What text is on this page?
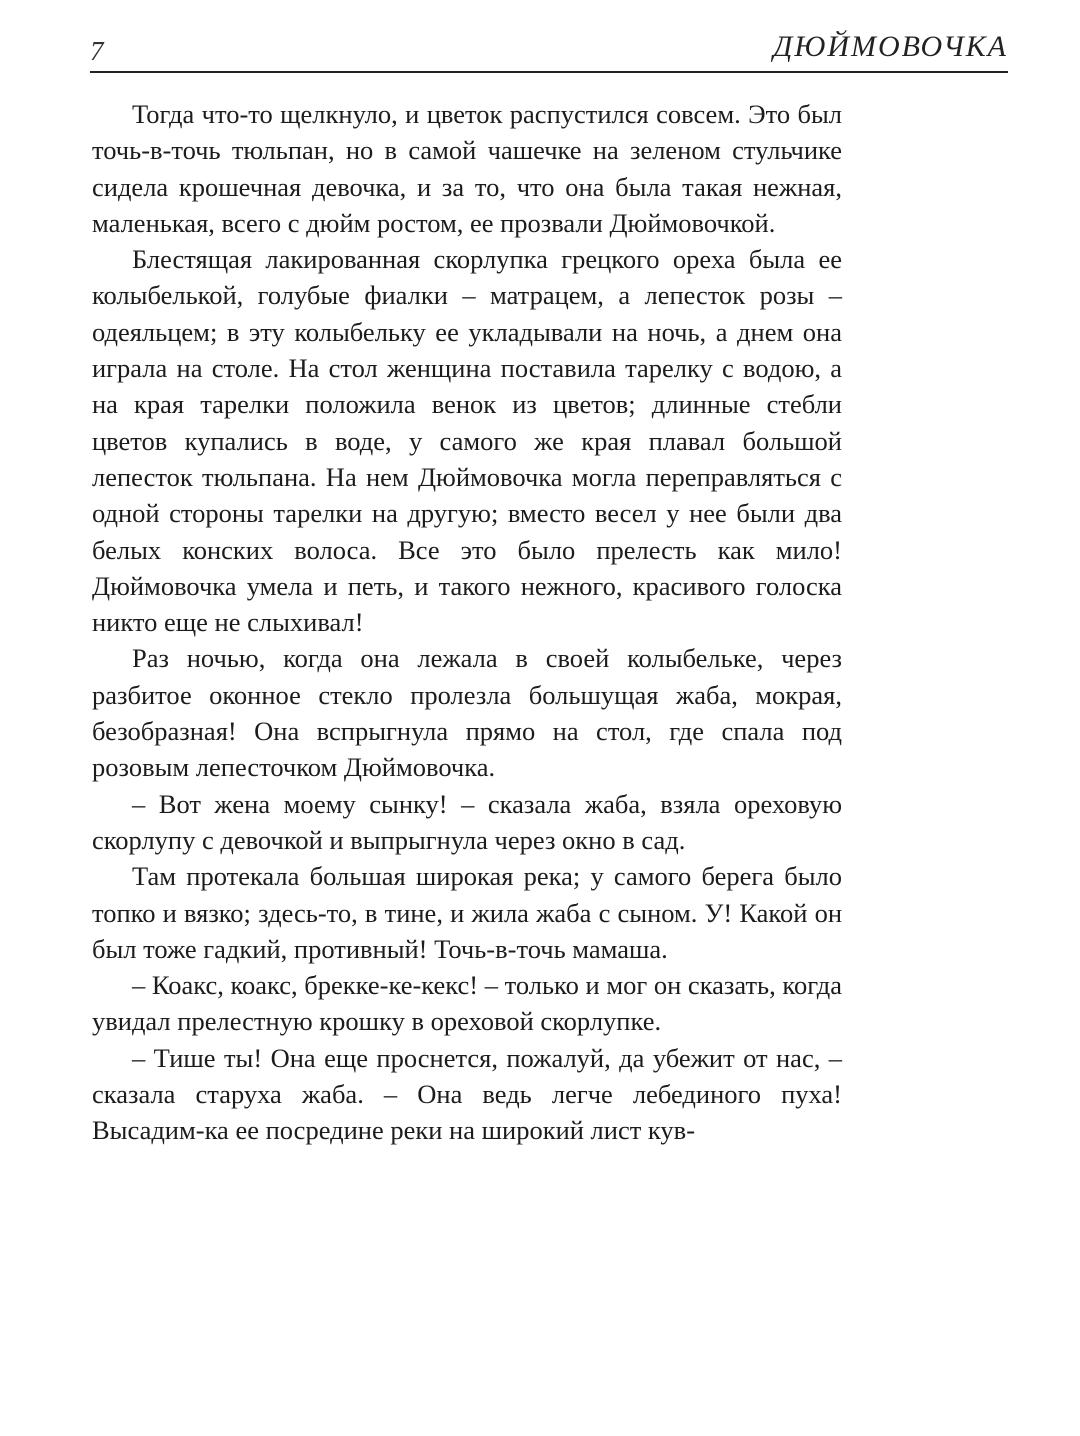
7	ДЮЙМОВОЧКА

Тогда что-то щелкнуло, и цветок распустился совсем. Это был точь-в-точь тюльпан, но в самой чашечке на зеленом стульчике сидела крошечная девочка, и за то, что она была такая нежная, маленькая, всего с дюйм ростом, ее прозвали Дюймовочкой.

Блестящая лакированная скорлупка грецкого ореха была ее колыбелькой, голубые фиалки – матрацем, а лепесток розы – одеяльцем; в эту колыбельку ее укладывали на ночь, а днем она играла на столе. На стол женщина поставила тарелку с водою, а на края тарелки положила венок из цветов; длинные стебли цветов купались в воде, у самого же края плавал большой лепесток тюльпана. На нем Дюймовочка могла переправляться с одной стороны тарелки на другую; вместо весел у нее были два белых конских волоса. Все это было прелесть как мило! Дюймовочка умела и петь, и такого нежного, красивого голоска никто еще не слыхивал!

Раз ночью, когда она лежала в своей колыбельке, через разбитое оконное стекло пролезла большущая жаба, мокрая, безобразная! Она вспрыгнула прямо на стол, где спала под розовым лепесточком Дюймовочка.

– Вот жена моему сынку! – сказала жаба, взяла ореховую скорлупу с девочкой и выпрыгнула через окно в сад.

Там протекала большая широкая река; у самого берега было топко и вязко; здесь-то, в тине, и жила жаба с сыном. У! Какой он был тоже гадкий, противный! Точь-в-точь мамаша.

– Коакс, коакс, брекке-ке-кекс! – только и мог он сказать, когда увидал прелестную крошку в ореховой скорлупке.

– Тише ты! Она еще проснется, пожалуй, да убежит от нас, – сказала старуха жаба. – Она ведь легче лебединого пуха! Высадим-ка ее посредине реки на широкий лист кув-
